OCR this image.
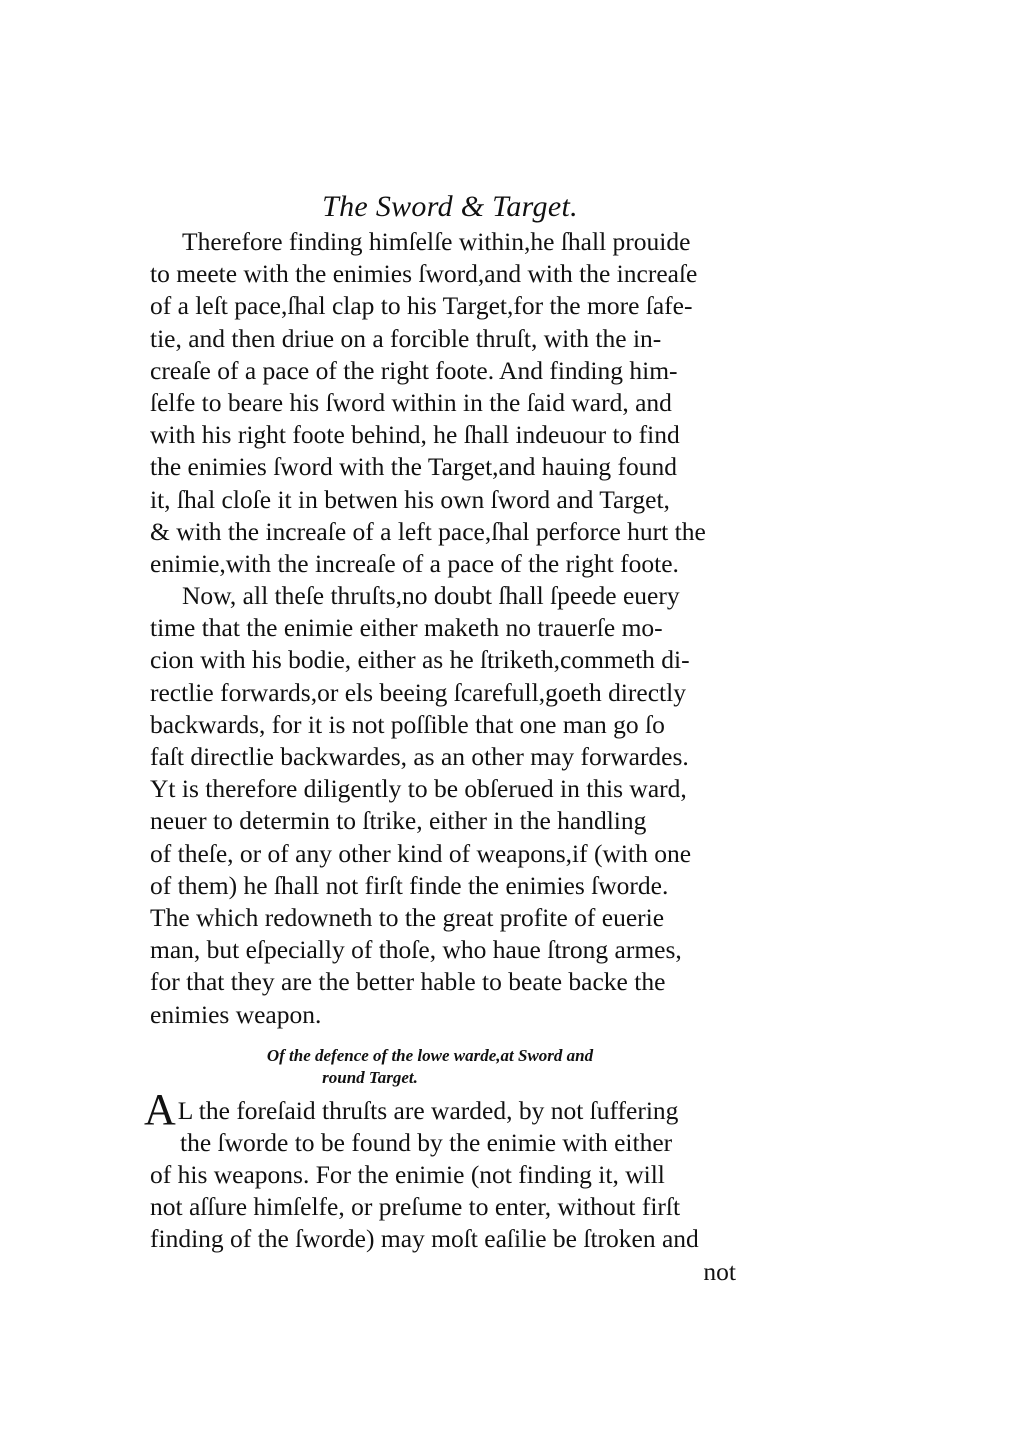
The Sword & Target.
Therefore finding himſelſe within,he ſhall prouide
to meete with the enimies ſword,and with the increaſe
of a leſt pace,ſhal clap to his Target,for the more ſafe-
tie, and then driue on a forcible thruſt, with the in-
creaſe of a pace of the right foote. And finding him-
ſelfe to beare his ſword within in the ſaid ward, and
with his right foote behind, he ſhall indeuour to find
the enimies ſword with the Target,and hauing found
it, ſhal cloſe it in betwen his own ſword and Target,
& with the increaſe of a left pace,ſhal perforce hurt the
enimie,with the increaſe of a pace of the right foote.
Now, all theſe thruſts,no doubt ſhall ſpeede euery
time that the enimie either maketh no trauerſe mo-
cion with his bodie, either as he ſtriketh,commeth di-
rectlie forwards,or els beeing ſcarefull,goeth directly
backwards, for it is not poſſible that one man go ſo
faſt directlie backwardes, as an other may forwardes.
Yt is therefore diligently to be obſerued in this ward,
neuer to determin to ſtrike, either in the handling
of theſe, or of any other kind of weapons,if (with one
of them) he ſhall not firſt finde the enimies ſworde.
The which redowneth to the great profite of euerie
man, but eſpecially of thoſe, who haue ſtrong armes,
for that they are the better hable to beate backe the
enimies weapon.
Of the defence of the lowe warde,at Sword and
round Target.
AL the foreſaid thruſts are warded, by not ſuffering
the ſworde to be found by the enimie with either
of his weapons. For the enimie (not finding it, will
not aſſure himſelfe, or preſume to enter, without firſt
finding of the ſworde) may moſt eaſilie be ſtroken and
not
